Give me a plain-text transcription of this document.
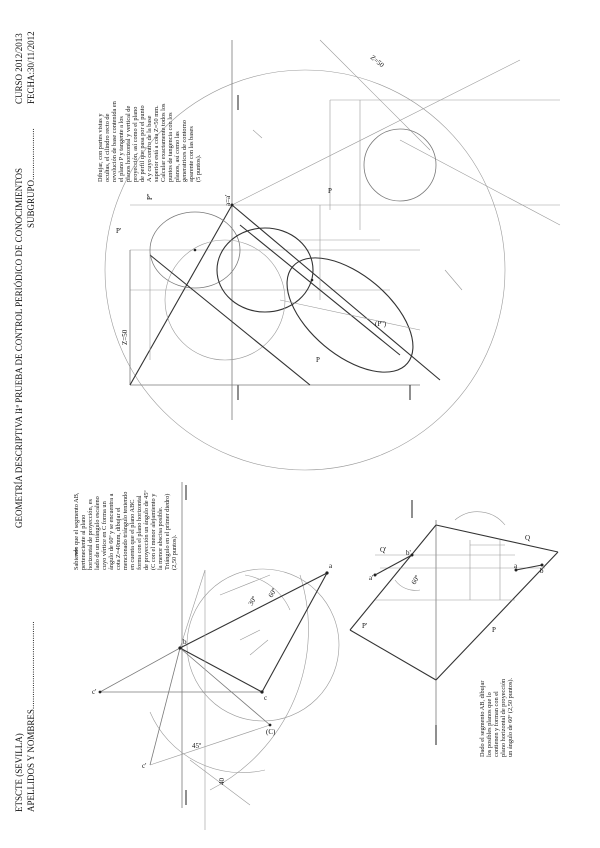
ETSCTE (SEVILLA) APELLIDOS Y NOMBRES.......................................
GEOMETRÍA DESCRIPTIVA I-
1ª PRUEBA DE CONTROL PERIÓDICO DE CONOCIMIENTOS SUBGRUPO.......................
CURSO 2012/2013 FECHA:30/11/2012
Sabiendo que el segmento AB, perteneciente al plano horizontal de proyección, es lado de un triángulo escaleno cuyo vértice en C forma un ángulo de 60º y se encuentra a cota Z=40mm, dibujar el mencionado triángulo teniendo en cuenta que el plano ABC forma con el plano horizontal de proyección un ángulo de 45º (C con el menor alejamiento y la menor abscisa posible. Triángulo en el primer diedro) (2,50 puntos).	a
b
c
c'
(C)
c'
45º
40
60º
30º
Dado el segmento AB, dibujar los posibles planos que lo contienen y forman con el plano horizontal de proyección un ángulo de 60º (2,50 puntos).
a'
b'
a
b
P'
Q'
P
Q
60º
Dibujar, con partes vistas y ocultas, el cilindro recto de revolución de base contenida en el plano P y tangente a los planos horizontal y vertical de proyección, así como el plano de perfil que pasa por el punto A y cuyo centro de la base superior está a cota Z=50 mm. Calcular exactamente todos los puntos de tangencia con los planos, así como las generatrices de contorno aparente con las bases (5 puntos).
a=a'
P'
P
P
(P'')
Z=50
Z=50
P''
